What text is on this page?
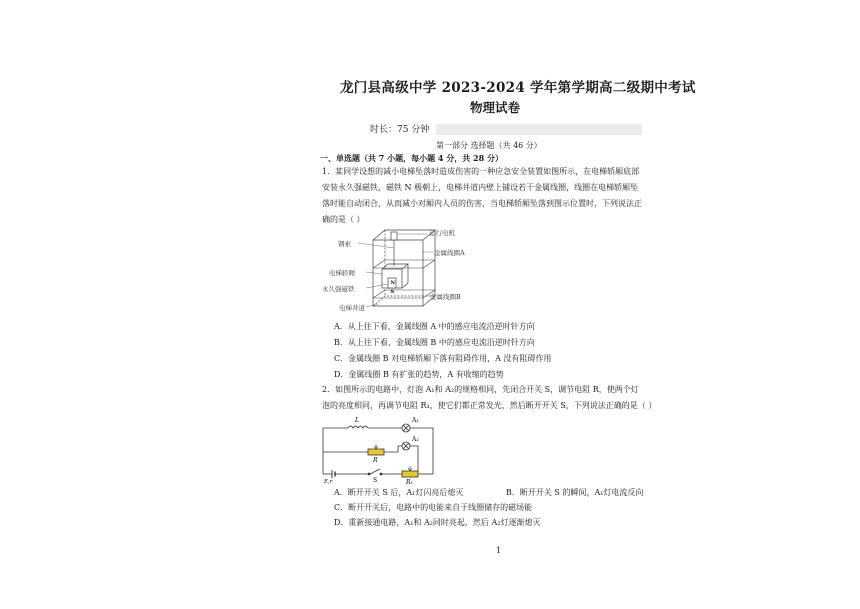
龙门县高级中学 2023-2024 学年第学期高二级期中考试
物理试卷
时长：75 分钟
第一部分 选择题（共 46 分）
一、单选题（共 7 小题，每小题 4 分，共 28 分）
1．某同学设想的减小电梯坠落时造成伤害的一种应急安全装置如图所示，在电梯轿厢底部
安装永久强磁铁，磁铁 N 极朝上，电梯井道内壁上铺设若干金属线圈，线圈在电梯轿厢坠
落时能自动闭合，从而减小对厢内人员的伤害，当电梯轿厢坠落到图示位置时，下列说法正
确的是（ ）
N
S
运行电机
钢索
金属线圈A
电梯轿厢
永久强磁铁
金属线圈B
电梯井道
A．从上往下看，金属线圈 A 中的感应电流沿逆时针方向
B．从上往下看，金属线圈 B 中的感应电流沿逆时针方向
C．金属线圈 B 对电梯轿厢下落有阻碍作用，A 没有阻碍作用
D．金属线圈 B 有扩张的趋势，A 有收缩的趋势
2．如图所示的电路中，灯泡 A₁和 A₂的规格相同，先闭合开关 S，调节电阻 R，使两个灯
泡的亮度相同，再调节电阻 R₁，使它们都正常发光，然后断开开关 S，下列说法正确的是（ ）
L	A₁
A₂
R
R₁
S
E,r
A．断开开关 S 后，A₁灯闪亮后熄灭	B．断开开关 S 的瞬间，A₁灯电流反向
C．断开开关后，电路中的电能来自于线圈储存的磁场能
D．重新接通电路，A₁和 A₂同时亮起，然后 A₂灯逐渐熄灭
1
